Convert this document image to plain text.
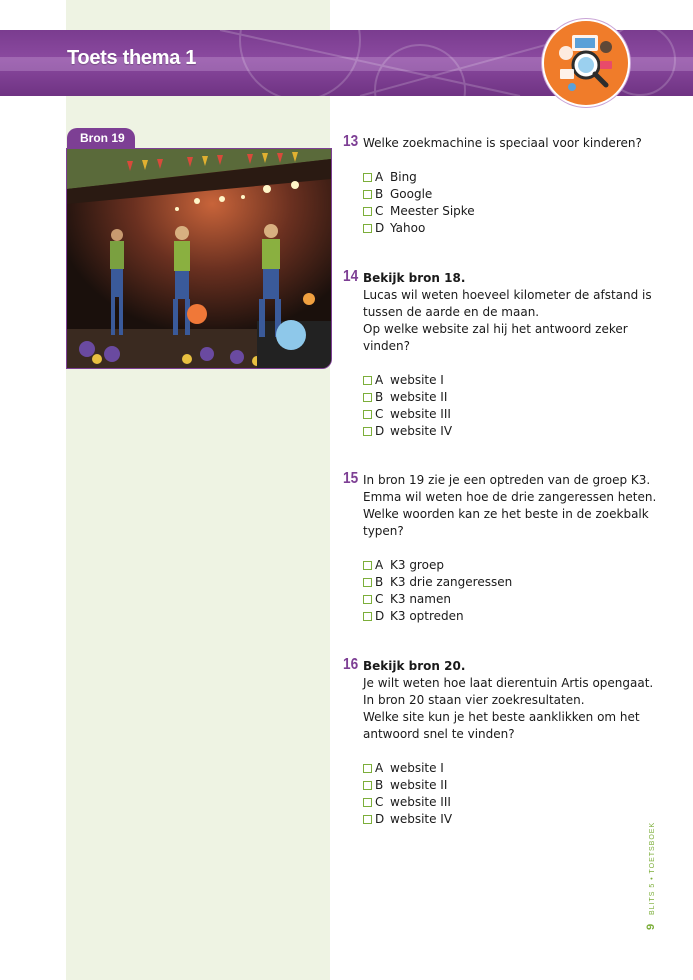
Toets thema 1
Bron 19	13 Welke zoekmachine is speciaal voor kinderen?
A Bing
B Google
C Meester Sipke
D Yahoo
14 Bekijk bron 18.
Lucas wil weten hoeveel kilometer de afstand is
tussen de aarde en de maan.
Op welke website zal hij het antwoord zeker
vinden?
A website I
B website II
C website III
D website IV
15 In bron 19 zie je een optreden van de groep K3.
Emma wil weten hoe de drie zangeressen heten.
Welke woorden kan ze het beste in de zoekbalk
typen?
A K3 groep
B K3 drie zangeressen
C K3 namen
D K3 optreden
16 Bekijk bron 20.
Je wilt weten hoe laat dierentuin Artis opengaat.
In bron 20 staan vier zoekresultaten.
Welke site kun je het beste aanklikken om het
antwoord snel te vinden?
A website I
B website II
C website III
D website IV
9   BLITS 5 • TOETSBOEK
